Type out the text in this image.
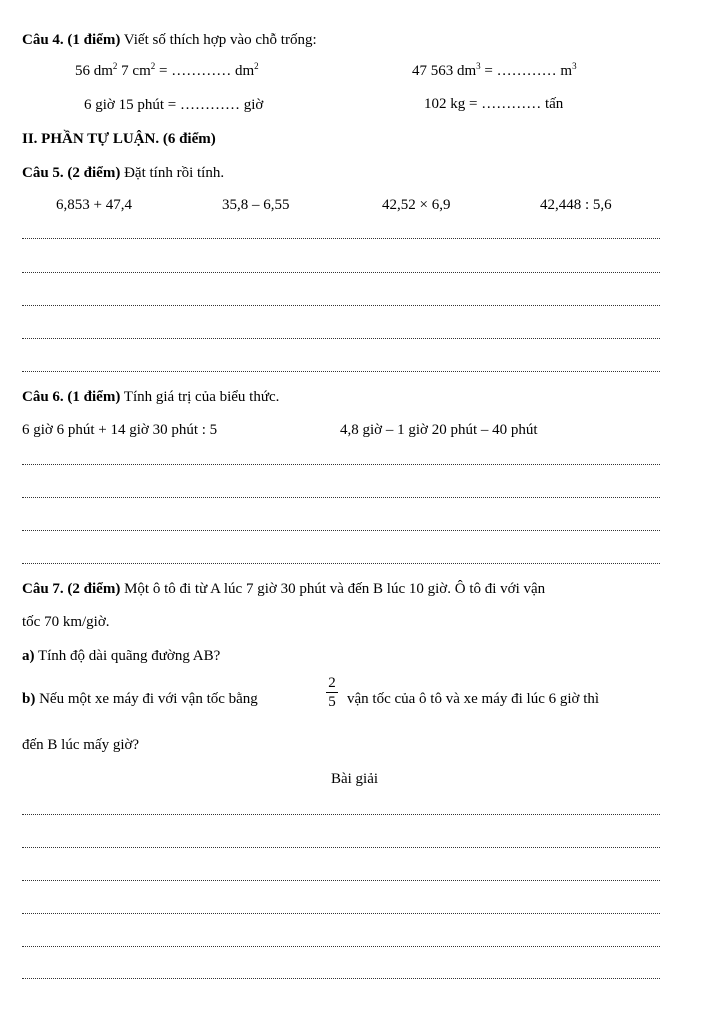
Câu 4. (1 điểm) Viết số thích hợp vào chỗ trống:
56 $dm^2$ 7 $cm^2$ = ………… $dm^2$	47 563 $dm^3$ = ………… $m^3$
6 giờ 15 phút = ………… giờ	102 kg = ………… tấn
II. PHẦN TỰ LUẬN. (6 điểm)
Câu 5. (2 điểm) Đặt tính rồi tính.
6,853 + 47,4	35,8 – 6,55	42,52 × 6,9	42,448 : 5,6
Câu 6. (1 điểm) Tính giá trị của biểu thức.
6 giờ 6 phút + 14 giờ 30 phút : 5	4,8 giờ – 1 giờ 20 phút – 40 phút
Câu 7. (2 điểm) Một ô tô đi từ A lúc 7 giờ 30 phút và đến B lúc 10 giờ. Ô tô đi với vận
tốc 70 km/giờ.
a) Tính độ dài quãng đường AB?
b) Nếu một xe máy đi với vận tốc bằng
2
5 vận tốc của ô tô và xe máy đi lúc 6 giờ thì
đến B lúc mấy giờ?
Bài giải
